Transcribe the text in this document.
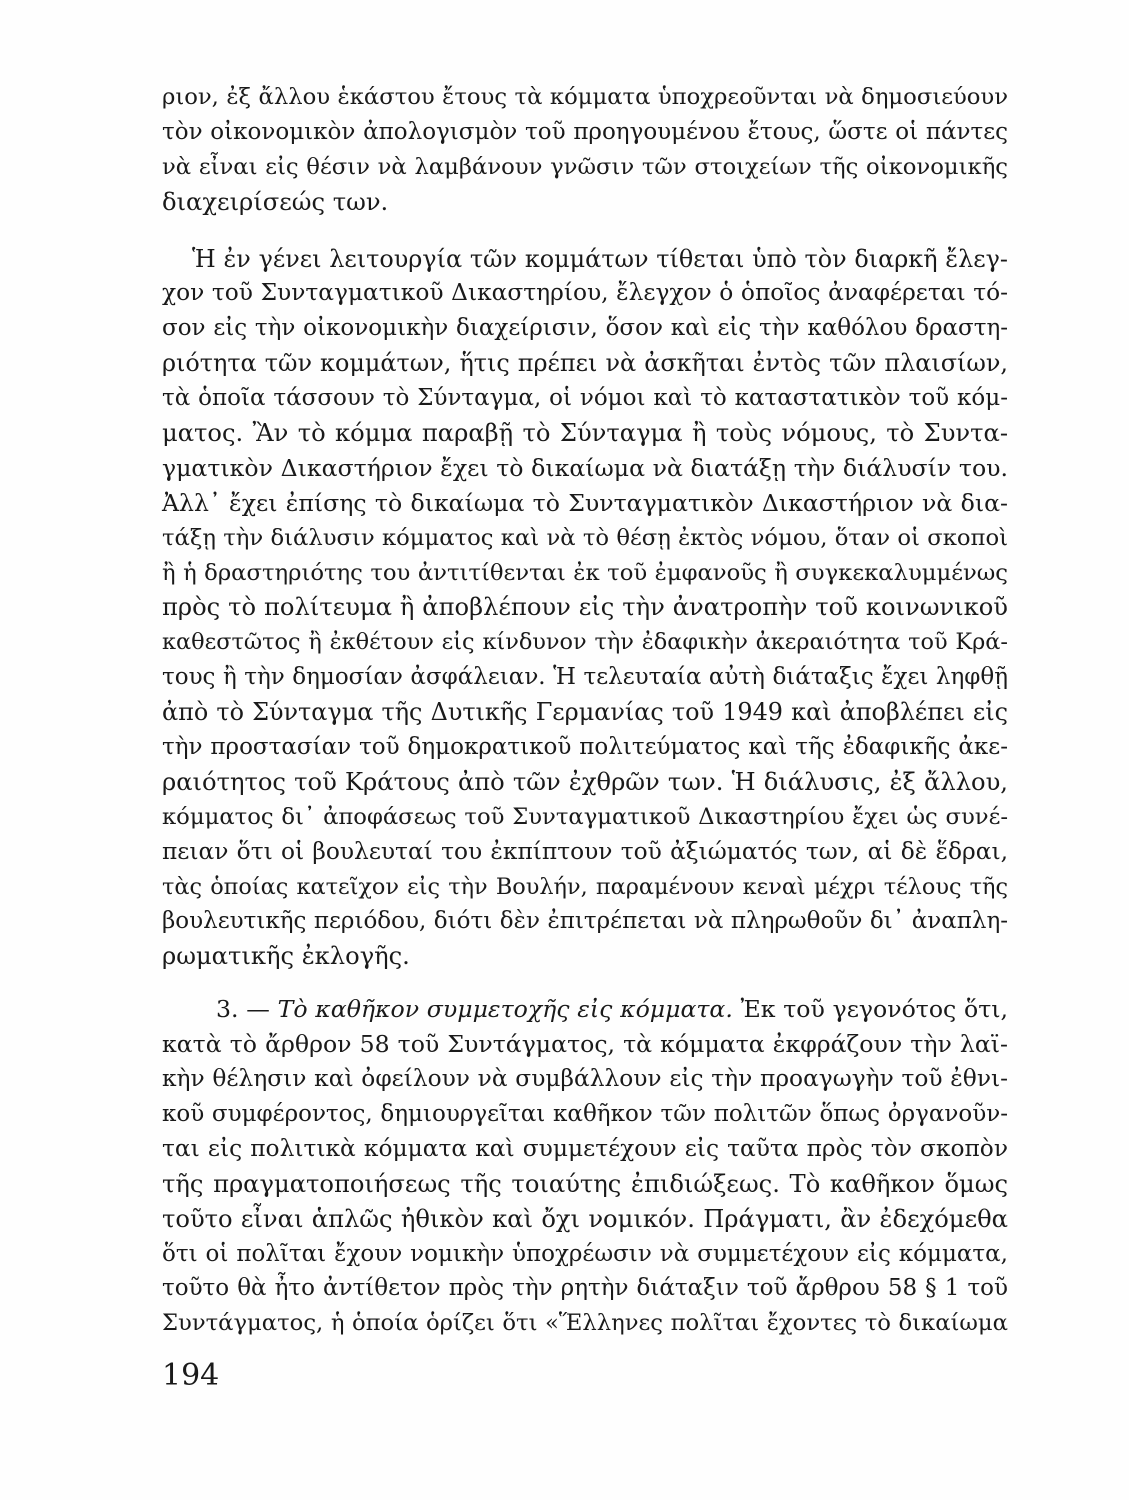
ριον, ἐξ ἄλλου ἑκάστου ἔτους τὰ κόμματα ὑποχρεοῦνται νὰ δημοσιεύουν
τὸν οἰκονομικὸν ἀπολογισμὸν τοῦ προηγουμένου ἔτους, ὥστε οἱ πάντες
νὰ εἶναι εἰς θέσιν νὰ λαμβάνουν γνῶσιν τῶν στοιχείων τῆς οἰκονομικῆς
διαχειρίσεώς των.
Ἡ ἐν γένει λειτουργία τῶν κομμάτων τίθεται ὑπὸ τὸν διαρκῆ ἔλεγ-
χον τοῦ Συνταγματικοῦ Δικαστηρίου, ἔλεγχον ὁ ὁποῖος ἀναφέρεται τό-
σον εἰς τὴν οἰκονομικὴν διαχείρισιν, ὅσον καὶ εἰς τὴν καθόλου δραστη-
ριότητα τῶν κομμάτων, ἥτις πρέπει νὰ ἀσκῆται ἐντὸς τῶν πλαισίων,
τὰ ὁποῖα τάσσουν τὸ Σύνταγμα, οἱ νόμοι καὶ τὸ καταστατικὸν τοῦ κόμ-
ματος. Ἂν τὸ κόμμα παραβῇ τὸ Σύνταγμα ἢ τοὺς νόμους, τὸ Συντα-
γματικὸν Δικαστήριον ἔχει τὸ δικαίωμα νὰ διατάξῃ τὴν διάλυσίν του.
Ἀλλ᾽ ἔχει ἐπίσης τὸ δικαίωμα τὸ Συνταγματικὸν Δικαστήριον νὰ δια-
τάξῃ τὴν διάλυσιν κόμματος καὶ νὰ τὸ θέσῃ ἐκτὸς νόμου, ὅταν οἱ σκοποὶ
ἢ ἡ δραστηριότης του ἀντιτίθενται ἐκ τοῦ ἐμφανοῦς ἢ συγκεκαλυμμένως
πρὸς τὸ πολίτευμα ἢ ἀποβλέπουν εἰς τὴν ἀνατροπὴν τοῦ κοινωνικοῦ
καθεστῶτος ἢ ἐκθέτουν εἰς κίνδυνον τὴν ἐδαφικὴν ἀκεραιότητα τοῦ Κρά-
τους ἢ τὴν δημοσίαν ἀσφάλειαν. Ἡ τελευταία αὐτὴ διάταξις ἔχει ληφθῇ
ἀπὸ τὸ Σύνταγμα τῆς Δυτικῆς Γερμανίας τοῦ 1949 καὶ ἀποβλέπει εἰς
τὴν προστασίαν τοῦ δημοκρατικοῦ πολιτεύματος καὶ τῆς ἐδαφικῆς ἀκε-
ραιότητος τοῦ Κράτους ἀπὸ τῶν ἐχθρῶν των. Ἡ διάλυσις, ἐξ ἄλλου,
κόμματος δι᾽ ἀποφάσεως τοῦ Συνταγματικοῦ Δικαστηρίου ἔχει ὡς συνέ-
πειαν ὅτι οἱ βουλευταί του ἐκπίπτουν τοῦ ἀξιώματός των, αἱ δὲ ἕδραι,
τὰς ὁποίας κατεῖχον εἰς τὴν Βουλήν, παραμένουν κεναὶ μέχρι τέλους τῆς
βουλευτικῆς περιόδου, διότι δὲν ἐπιτρέπεται νὰ πληρωθοῦν δι᾽ ἀναπλη-
ρωματικῆς ἐκλογῆς.
3. — Τὸ καθῆκον συμμετοχῆς εἰς κόμματα. Ἐκ τοῦ γεγονότος ὅτι,
κατὰ τὸ ἄρθρον 58 τοῦ Συντάγματος, τὰ κόμματα ἐκφράζουν τὴν λαϊ-
κὴν θέλησιν καὶ ὀφείλουν νὰ συμβάλλουν εἰς τὴν προαγωγὴν τοῦ ἐθνι-
κοῦ συμφέροντος, δημιουργεῖται καθῆκον τῶν πολιτῶν ὅπως ὀργανοῦν-
ται εἰς πολιτικὰ κόμματα καὶ συμμετέχουν εἰς ταῦτα πρὸς τὸν σκοπὸν
τῆς πραγματοποιήσεως τῆς τοιαύτης ἐπιδιώξεως. Τὸ καθῆκον ὅμως
τοῦτο εἶναι ἁπλῶς ἠθικὸν καὶ ὄχι νομικόν. Πράγματι, ἂν ἐδεχόμεθα
ὅτι οἱ πολῖται ἔχουν νομικὴν ὑποχρέωσιν νὰ συμμετέχουν εἰς κόμματα,
τοῦτο θὰ ἦτο ἀντίθετον πρὸς τὴν ρητὴν διάταξιν τοῦ ἄρθρου 58 § 1 τοῦ
Συντάγματος, ἡ ὁποία ὁρίζει ὅτι «Ἕλληνες πολῖται ἔχοντες τὸ δικαίωμα
194
